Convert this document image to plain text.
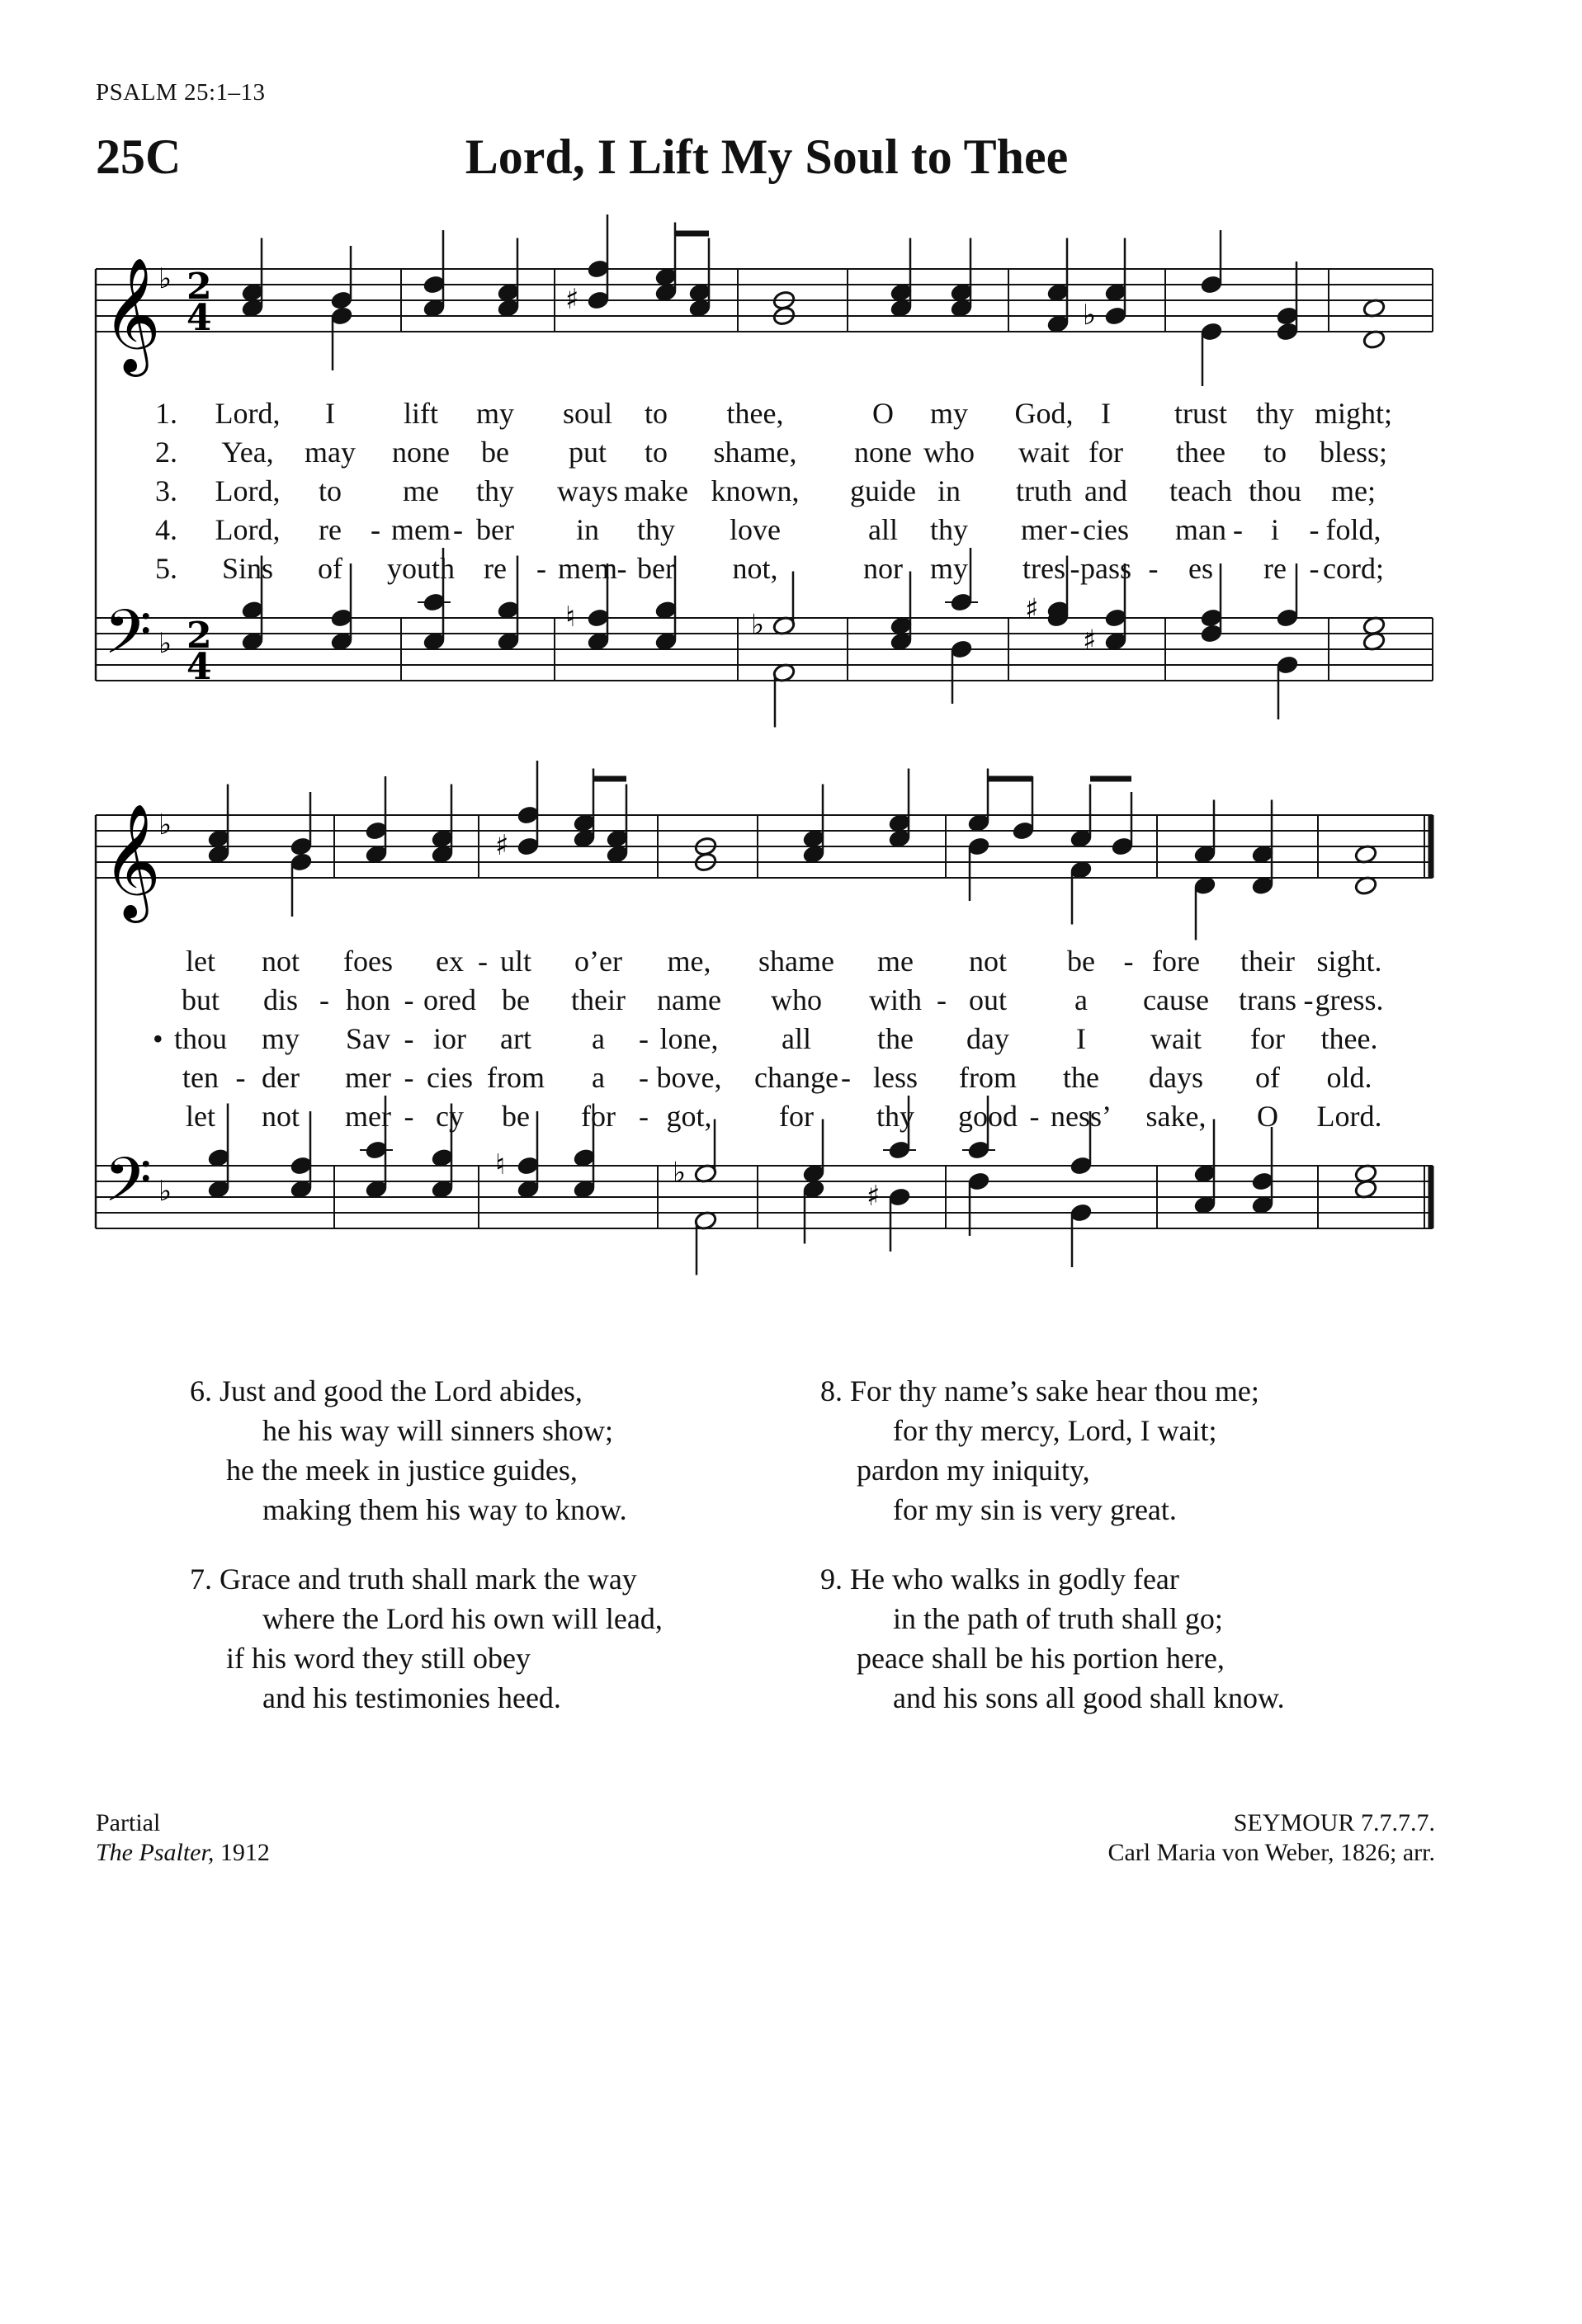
PSALM 25:1–13
25C	Lord, I Lift My Soul to Thee
𝄞
𝄢
♭
♭
♯	♭
♮	♭	♯
♯
2
4
2
4
𝄞
𝄢
♭
♭
♯
♮	♭
♯
1.
2.
3.
4.
5.
Lord, I lift my soul to thee,	O my God, I trust thy might;
Yea, may none be put to shame, none who wait for thee to bless;
Lord, to me thy ways make known, guide in truth and teach thou me;
Lord, re mem ber in thy love	all thy mer cies man i fold,
Sins of youth re mem ber not,	nor my tres pass es re cord;
let not foes ex ult o’er me, shame me not be fore their sight.
but dis hon ored be their name who with out a cause trans gress.
thou my Sav ior art a lone, all the day I wait for thee.
ten der mer cies from a bove, change less from the days of old.
let not mer cy be for got, for thy good ness’ sake, O Lord.
•
- -	-	- -
- -	- -	-
-	-
-	-	-	-
-	-
-	-	-	-
-	-	-
6. Just and good the Lord abides,
he his way will sinners show;
he the meek in justice guides,
making them his way to know.
7. Grace and truth shall mark the way
where the Lord his own will lead,
if his word they still obey
and his testimonies heed.
8. For thy name’s sake hear thou me;
for thy mercy, Lord, I wait;
pardon my iniquity,
for my sin is very great.
9. He who walks in godly fear
in the path of truth shall go;
peace shall be his portion here,
and his sons all good shall know.
Partial
The Psalter, 1912
SEYMOUR 7.7.7.7.
Carl Maria von Weber, 1826; arr.
